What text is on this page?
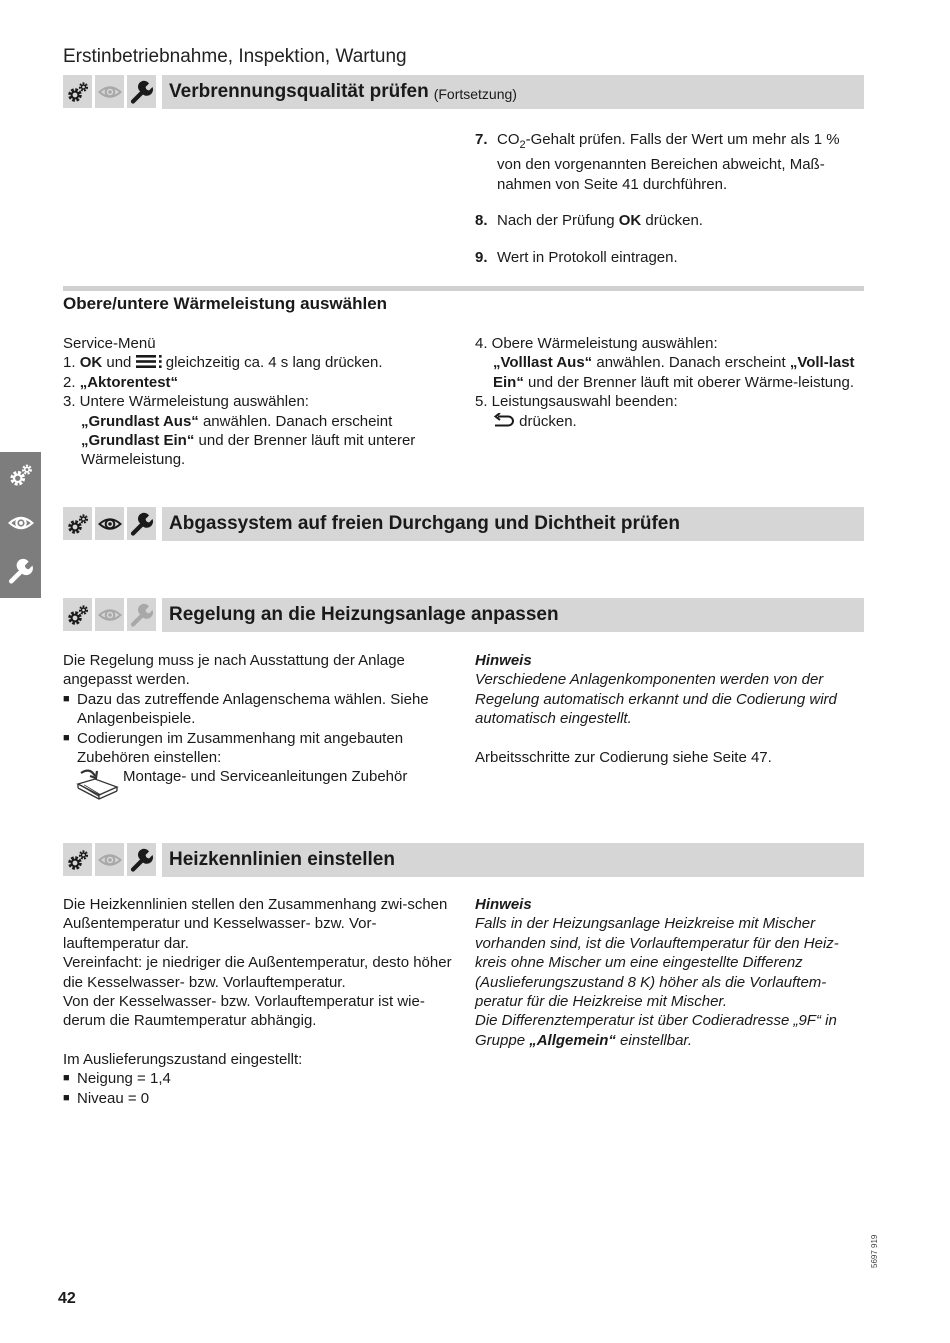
Erstinbetriebnahme, Inspektion, Wartung
Verbrennungsqualität prüfen (Fortsetzung)
7. $CO_2$-Gehalt prüfen. Falls der Wert um mehr als 1 % von den vorgenannten Bereichen abweicht, Maß-nahmen von Seite 41 durchführen.
8. Nach der Prüfung OK drücken.
9. Wert in Protokoll eintragen.
Obere/untere Wärmeleistung auswählen
Service-Menü
1. OK und  gleichzeitig ca. 4 s lang drücken.
2. „Aktorentest“
3. Untere Wärmeleistung auswählen:
„Grundlast Aus“ anwählen. Danach erscheint „Grundlast Ein“ und der Brenner läuft mit unterer Wärmeleistung.
4. Obere Wärmeleistung auswählen:
„Volllast Aus“ anwählen. Danach erscheint „Voll-last Ein“ und der Brenner läuft mit oberer Wärme-leistung.
5. Leistungsauswahl beenden:
drücken.
Abgassystem auf freien Durchgang und Dichtheit prüfen
Regelung an die Heizungsanlage anpassen
Die Regelung muss je nach Ausstattung der Anlage angepasst werden.
■ Dazu das zutreffende Anlagenschema wählen. Siehe Anlagenbeispiele.
■ Codierungen im Zusammenhang mit angebauten Zubehören einstellen:
Montage- und Serviceanleitungen Zubehör
Hinweis
Verschiedene Anlagenkomponenten werden von der Regelung automatisch erkannt und die Codierung wird automatisch eingestellt.
Arbeitsschritte zur Codierung siehe Seite 47.
Heizkennlinien einstellen
Die Heizkennlinien stellen den Zusammenhang zwi-schen Außentemperatur und Kesselwasser- bzw. Vor-lauftemperatur dar.
Vereinfacht: je niedriger die Außentemperatur, desto höher die Kesselwasser- bzw. Vorlauftemperatur.
Von der Kesselwasser- bzw. Vorlauftemperatur ist wie-derum die Raumtemperatur abhängig.
Im Auslieferungszustand eingestellt:
■ Neigung = 1,4
■ Niveau = 0
Hinweis
Falls in der Heizungsanlage Heizkreise mit Mischer vorhanden sind, ist die Vorlauftemperatur für den Heiz-kreis ohne Mischer um eine eingestellte Differenz (Auslieferungszustand 8 K) höher als die Vorlauftem-peratur für die Heizkreise mit Mischer.
Die Differenztemperatur ist über Codieradresse „9F“ in Gruppe „Allgemein“ einstellbar.
42
5697 919
